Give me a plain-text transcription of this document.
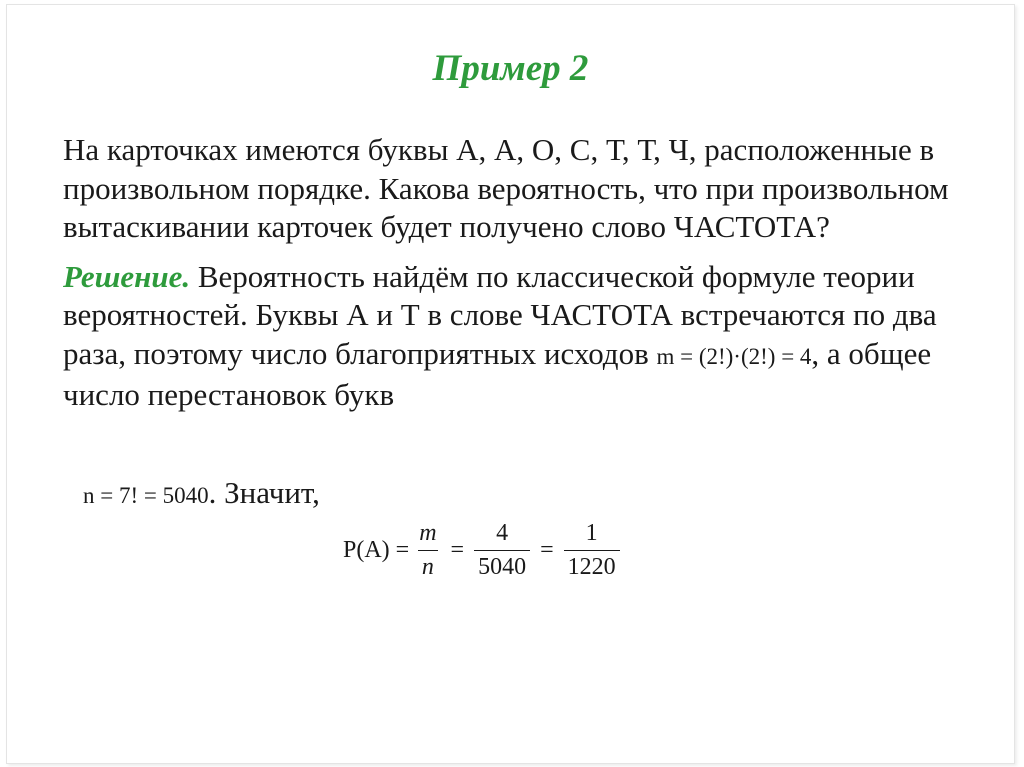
Пример 2

На карточках имеются буквы А, А, О, С, Т, Т, Ч, расположенные в произвольном порядке. Какова вероятность, что при произвольном вытаскивании карточек будет получено слово ЧАСТОТА?

Решение. Вероятность найдём по классической формуле теории вероятностей. Буквы А и Т в слове ЧАСТОТА встречаются по два раза, поэтому число благоприятных исходов m = (2!)·(2!) = 4, а общее число перестановок букв

n = 7! = 5040. Значит,
$P(A) = \frac{m}{n} = \frac{4}{5040} = \frac{1}{1220}$
